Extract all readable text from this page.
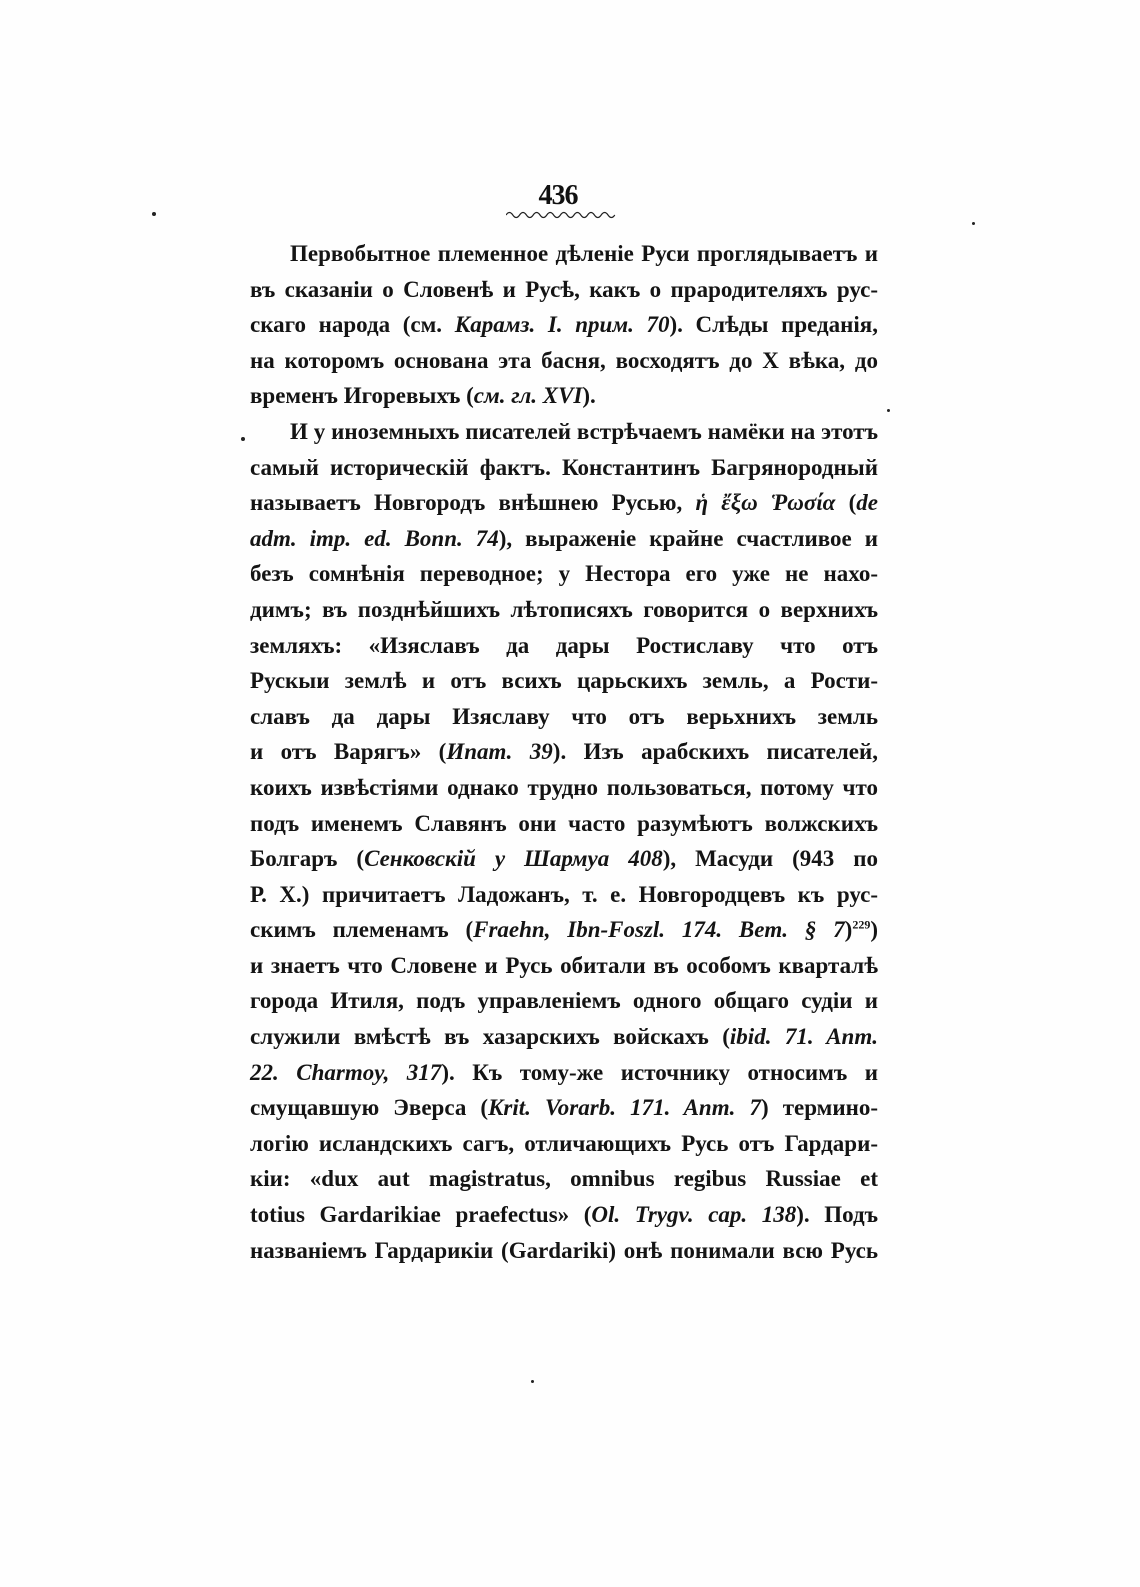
436
Первобытное племенное дѣленіе Руси проглядываетъ и
въ сказаніи о Словенѣ и Русѣ, какъ о прародителяхъ рус-
скаго народа (см. Карамз. I. прим. 70). Слѣды преданія,
на которомъ основана эта басня, восходятъ до X вѣка, до
временъ Игоревыхъ (см. гл. XVI).
И у иноземныхъ писателей встрѣчаемъ намёки на этотъ
самый историческій фактъ. Константинъ Багрянородный
называетъ Новгородъ внѣшнею Русью, ἡ ἔξω Ῥωσία (de
adm. imp. ed. Bonn. 74), выраженіе крайне счастливое и
безъ сомнѣнія переводное; у Нестора его уже не нахо-
димъ; въ позднѣйшихъ лѣтописяхъ говорится о верхнихъ
земляхъ: «Изяславъ да дары Ростиславу что отъ
Рускыи землѣ и отъ всихъ царьскихъ земль, а Рости-
славъ да дары Изяславу что отъ верьхнихъ земль
и отъ Варягъ» (Ипат. 39). Изъ арабскихъ писателей,
коихъ извѣстіями однако трудно пользоваться, потому что
подъ именемъ Славянъ они часто разумѣютъ волжскихъ
Болгаръ (Сенковскій у Шармуа 408), Масуди (943 по
Р. Х.) причитаетъ Ладожанъ, т. е. Новгородцевъ къ рус-
скимъ племенамъ (Fraehn, Ibn-Foszl. 174. Bem. § 7)$^{229}$)
и знаетъ что Словене и Русь обитали въ особомъ кварталѣ
города Итиля, подъ управленіемъ одного общаго судіи и
служили вмѣстѣ въ хазарскихъ войскахъ (ibid. 71. Anm.
22. Charmoy, 317). Къ тому-же источнику относимъ и
смущавшую Эверса (Krit. Vorarb. 171. Anm. 7) термино-
логію исландскихъ сагъ, отличающихъ Русь отъ Гардари-
кіи: «dux aut magistratus, omnibus regibus Russiae et
totius Gardarikiae praefectus» (Ol. Trygv. cap. 138). Подъ
названіемъ Гардарикіи (Gardariki) онѣ понимали всю Русь
